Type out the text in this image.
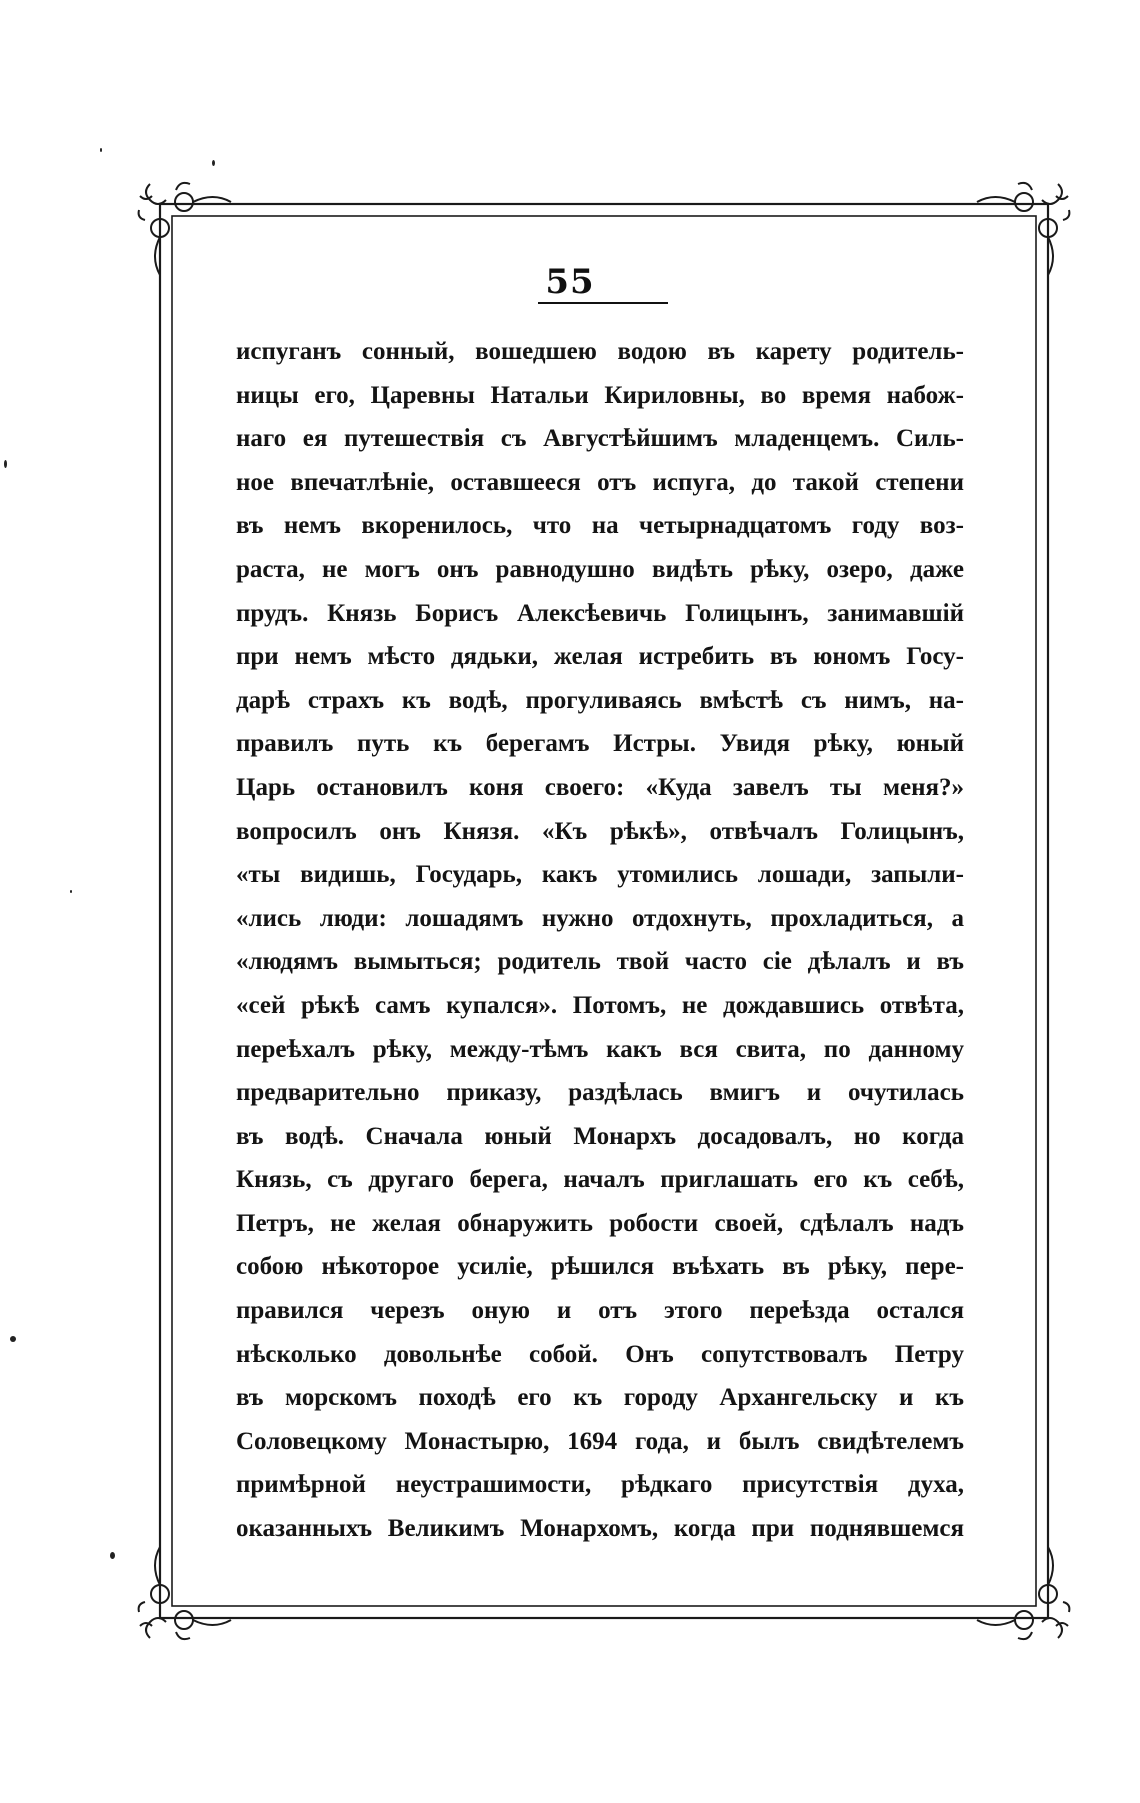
55
испуганъ сонный, вошедшею водою въ карету родитель-
ницы его, Царевны Натальи Кириловны, во время набож-
наго ея путешествія съ Августѣйшимъ младенцемъ. Силь-
ное впечатлѣніе, оставшееся отъ испуга, до такой степени
въ немъ вкоренилось, что на четырнадцатомъ году воз-
раста, не могъ онъ равнодушно видѣть рѣку, озеро, даже
прудъ. Князь Борисъ Алексѣевичь Голицынъ, занимавшій
при немъ мѣсто дядьки, желая истребить въ юномъ Госу-
дарѣ страхъ къ водѣ, прогуливаясь вмѣстѣ съ нимъ, на-
правилъ путь къ берегамъ Истры. Увидя рѣку, юный
Царь остановилъ коня своего: «Куда завелъ ты меня?»
вопросилъ онъ Князя. «Къ рѣкѣ», отвѣчалъ Голицынъ,
«ты видишь, Государь, какъ утомились лошади, запыли-
«лись люди: лошадямъ нужно отдохнуть, прохладиться, а
«людямъ вымыться; родитель твой часто сіе дѣлалъ и въ
«сей рѣкѣ самъ купался». Потомъ, не дождавшись отвѣта,
переѣхалъ рѣку, между-тѣмъ какъ вся свита, по данному
предварительно приказу, раздѣлась вмигъ и очутилась
въ водѣ. Сначала юный Монархъ досадовалъ, но когда
Князь, съ другаго берега, началъ приглашать его къ себѣ,
Петръ, не желая обнаружить робости своей, сдѣлалъ надъ
собою нѣкоторое усиліе, рѣшился въѣхать въ рѣку, пере-
правился черезъ оную и отъ этого переѣзда остался
нѣсколько довольнѣе собой. Онъ сопутствовалъ Петру
въ морскомъ походѣ его къ городу Архангельску и къ
Соловецкому Монастырю, 1694 года, и былъ свидѣтелемъ
примѣрной неустрашимости, рѣдкаго присутствія духа,
оказанныхъ Великимъ Монархомъ, когда при поднявшемся
